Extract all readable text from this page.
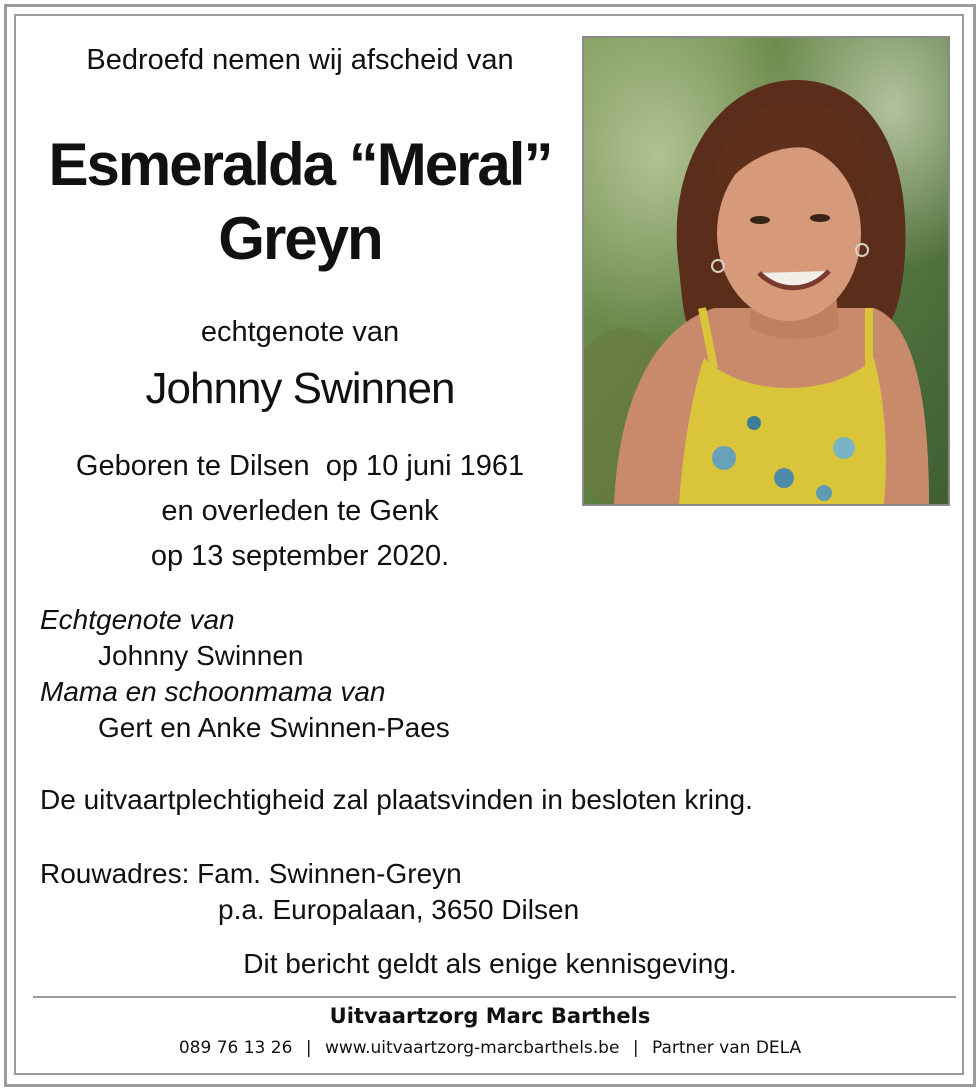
Bedroefd nemen wij afscheid van
Esmeralda “Meral”
Greyn
echtgenote van
Johnny Swinnen
Geboren te Dilsen  op 10 juni 1961
en overleden te Genk
op 13 september 2020.
Echtgenote van
Johnny Swinnen
Mama en schoonmama van
Gert en Anke Swinnen-Paes
De uitvaartplechtigheid zal plaatsvinden in besloten kring.
Rouwadres: Fam. Swinnen-Greyn
p.a. Europalaan, 3650 Dilsen
Dit bericht geldt als enige kennisgeving.
Uitvaartzorg Marc Barthels
089 76 13 26 | www.uitvaartzorg-marcbarthels.be | Partner van DELA
